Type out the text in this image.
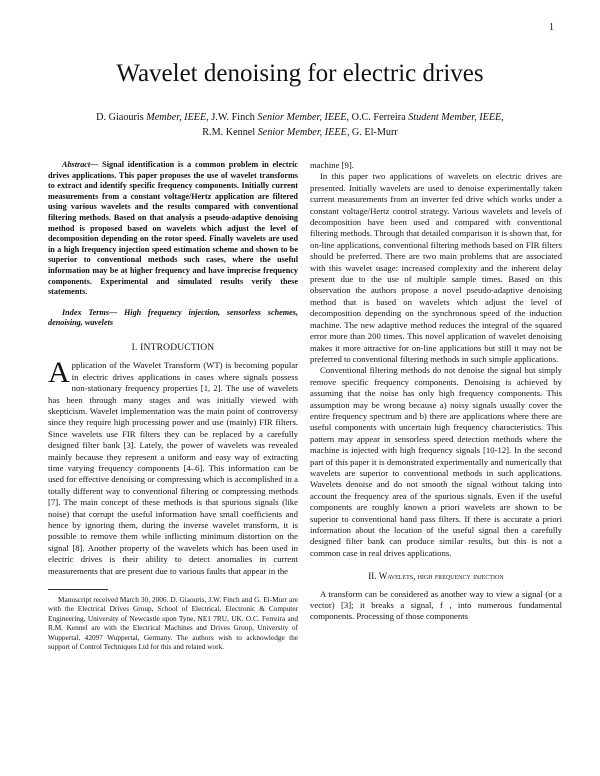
1
Wavelet denoising for electric drives
D. Giaouris Member, IEEE, J.W. Finch Senior Member, IEEE, O.C. Ferreira Student Member, IEEE,
R.M. Kennel Senior Member, IEEE, G. El-Murr

Abstract— Signal identification is a common problem in electric drives applications. This paper proposes the use of wavelet transforms to extract and identify specific frequency components. Initially current measurements from a constant voltage/Hertz application are filtered using various wavelets and the results compared with conventional filtering methods. Based on that analysis a pseudo-adaptive denoising method is proposed based on wavelets which adjust the level of decomposition depending on the rotor speed. Finally wavelets are used in a high frequency injection speed estimation scheme and shown to be superior to conventional methods such cases, where the useful information may be at higher frequency and have imprecise frequency components. Experimental and simulated results verify these statements.

Index Terms— High frequency injection, sensorless schemes, denoising, wavelets

I. INTRODUCTION

Application of the Wavelet Transform (WT) is becoming popular in electric drives applications in cases where signals possess non-stationary frequency properties [1, 2]. The use of wavelets has been through many stages and was initially viewed with skepticism. Wavelet implementation was the main point of controversy since they require high processing power and use (mainly) FIR filters. Since wavelets use FIR filters they can be replaced by a carefully designed filter bank [3]. Lately, the power of wavelets was revealed mainly because they represent a uniform and easy way of extracting time varying frequency components [4–6]. This information can be used for effective denoising or compressing which is accomplished in a totally different way to conventional filtering or compressing methods [7]. The main concept of these methods is that spurious signals (like noise) that corrupt the useful information have small coefficients and hence by ignoring them, during the inverse wavelet transform, it is possible to remove them while inflicting minimum distortion on the signal [8]. Another property of the wavelets which has been used in electric drives is their ability to detect anomalies in current measurements that are present due to various faults that appear in the

Manuscript received March 30, 2006. D. Giaouris, J.W. Finch and G. El-Murr are with the Electrical Drives Group, School of Electrical, Electronic & Computer Engineering, University of Newcastle upon Tyne, NE1 7RU, UK. O.C. Ferreira and R.M. Kennel are with the Electrical Machines and Drives Group, University of Wuppertal, 42097 Wuppertal, Germany. The authors wish to acknowledge the support of Control Techniques Ltd for this and related work.

machine [9].

In this paper two applications of wavelets on electric drives are presented. Initially wavelets are used to denoise experimentally taken current measurements from an inverter fed drive which works under a constant voltage/Hertz control strategy. Various wavelets and levels of decomposition have been used and compared with conventional filtering methods. Through that detailed comparison it is shown that, for on-line applications, conventional filtering methods based on FIR filters should be preferred. There are two main problems that are associated with this wavelet usage: increased complexity and the inherent delay present due to the use of multiple sample times. Based on this observation the authors propose a novel pseudo-adaptive denoising method that is based on wavelets which adjust the level of decomposition depending on the synchronous speed of the induction machine. The new adaptive method reduces the integral of the squared error more than 200 times. This novel application of wavelet denoising makes it more attractive for on-line applications but still it may not be preferred to conventional filtering methods in such simple applications.

Conventional filtering methods do not denoise the signal but simply remove specific frequency components. Denoising is achieved by assuming that the noise has only high frequency components. This assumption may be wrong because a) noisy signals usually cover the entire frequency spectrum and b) there are applications where there are useful components with uncertain high frequency characteristics. This pattern may appear in sensorless speed detection methods where the machine is injected with high frequency signals [10-12]. In the second part of this paper it is demonstrated experimentally and numerically that wavelets are superior to conventional methods in such applications. Wavelets denoise and do not smooth the signal without taking into account the frequency area of the spurious signals. Even if the useful components are roughly known a priori wavelets are shown to be superior to conventional band pass filters. If there is accurate a priori information about the location of the useful signal then a carefully designed filter bank can produce similar results, but this is not a common case in real drives applications.

II. Wavelets, high frequency injection

A transform can be considered as another way to view a signal (or a vector) [3]; it breaks a signal, f , into numerous fundamental components. Processing of those components
